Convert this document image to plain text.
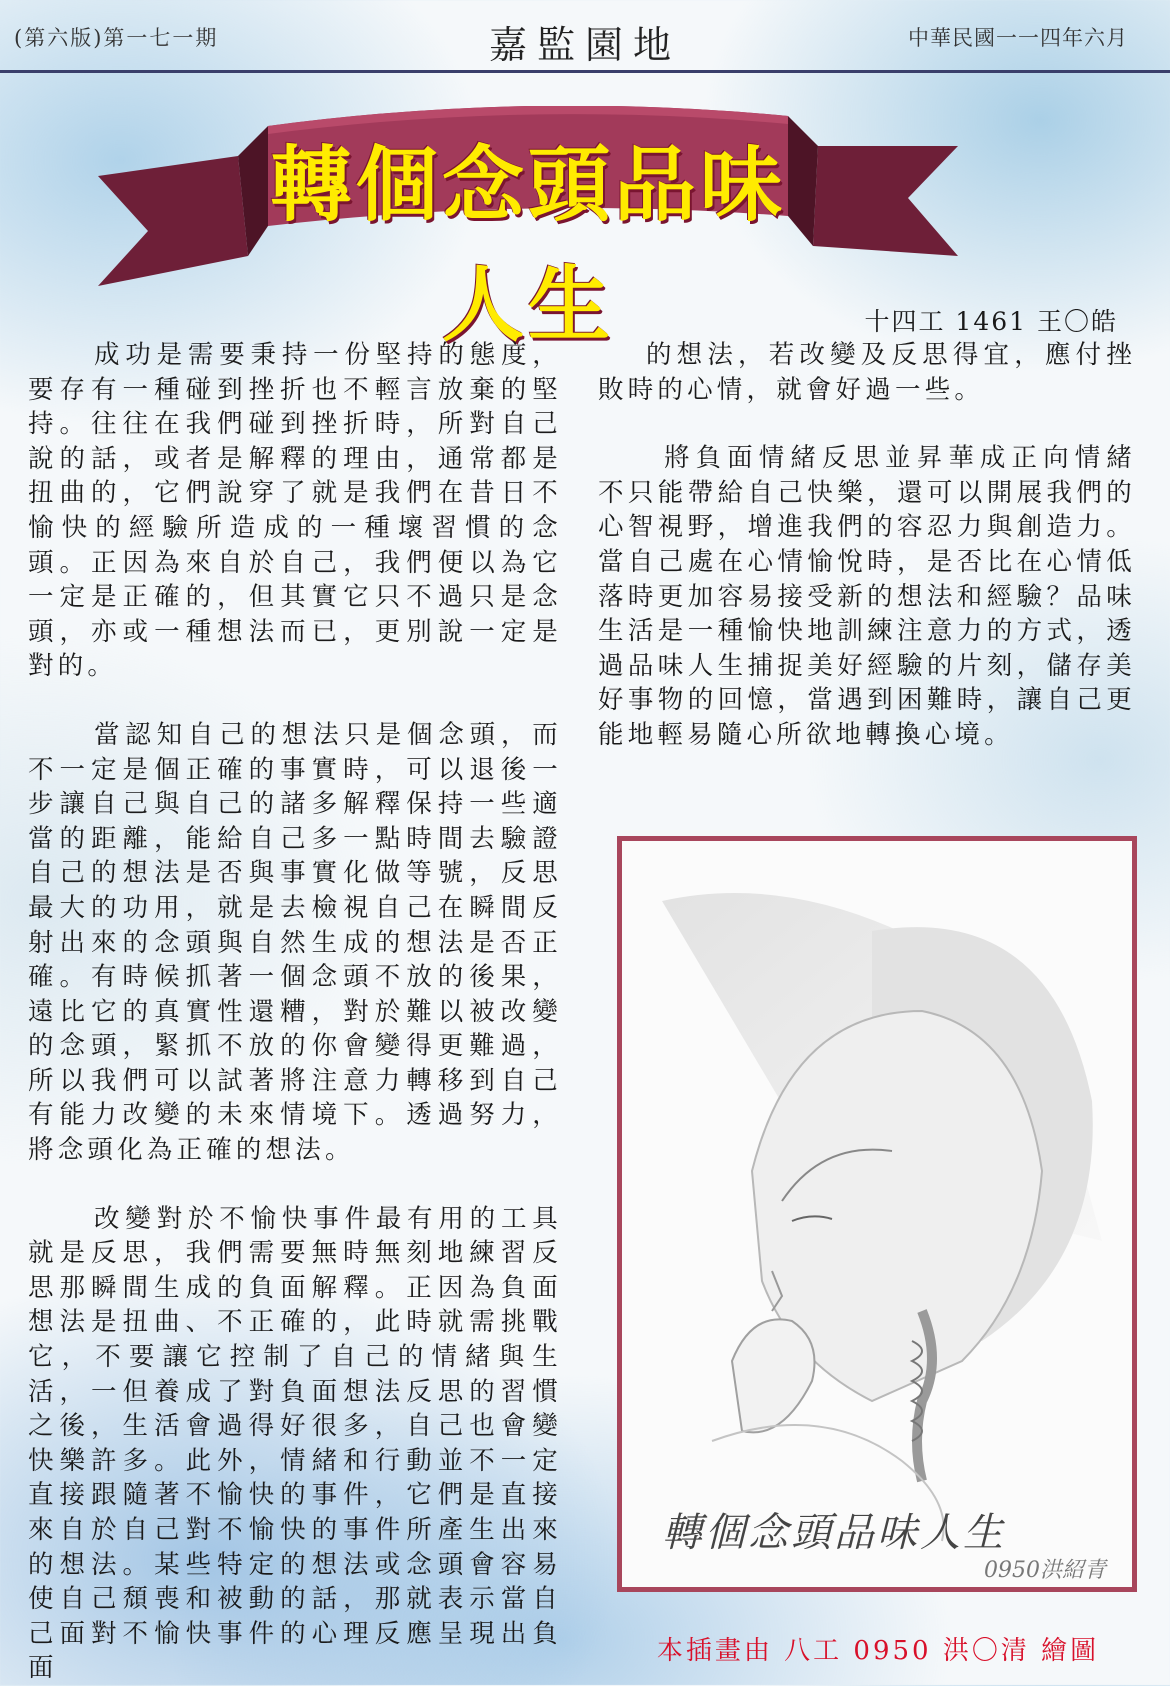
(第六版)第一七一期	嘉監園地	中華民國一一四年六月
轉個念頭品味人生	十四工 1461 王〇皓

成功是需要秉持一份堅持的態度，要存有一種碰到挫折也不輕言放棄的堅持。往往在我們碰到挫折時，所對自己說的話，或者是解釋的理由，通常都是扭曲的，它們說穿了就是我們在昔日不愉快的經驗所造成的一種壞習慣的念頭。正因為來自於自己，我們便以為它一定是正確的，但其實它只不過只是念頭，亦或一種想法而已，更別說一定是對的。

當認知自己的想法只是個念頭，而不一定是個正確的事實時，可以退後一步讓自己與自己的諸多解釋保持一些適當的距離，能給自己多一點時間去驗證自己的想法是否與事實化做等號，反思最大的功用，就是去檢視自己在瞬間反射出來的念頭與自然生成的想法是否正確。有時候抓著一個念頭不放的後果，遠比它的真實性還糟，對於難以被改變的念頭，緊抓不放的你會變得更難過，所以我們可以試著將注意力轉移到自己有能力改變的未來情境下。透過努力，將念頭化為正確的想法。

改變對於不愉快事件最有用的工具就是反思，我們需要無時無刻地練習反思那瞬間生成的負面解釋。正因為負面想法是扭曲、不正確的，此時就需挑戰它，不要讓它控制了自己的情緒與生活，一但養成了對負面想法反思的習慣之後，生活會過得好很多，自己也會變快樂許多。此外，情緒和行動並不一定直接跟隨著不愉快的事件，它們是直接來自於自己對不愉快的事件所產生出來的想法。某些特定的想法或念頭會容易使自己頹喪和被動的話，那就表示當自己面對不愉快事件的心理反應呈現出負面

的想法，若改變及反思得宜，應付挫敗時的心情，就會好過一些。

將負面情緒反思並昇華成正向情緒不只能帶給自己快樂，還可以開展我們的心智視野，增進我們的容忍力與創造力。當自己處在心情愉悅時，是否比在心情低落時更加容易接受新的想法和經驗？品味生活是一種愉快地訓練注意力的方式，透過品味人生捕捉美好經驗的片刻，儲存美好事物的回憶，當遇到困難時，讓自己更能地輕易隨心所欲地轉換心境。

轉個念頭品味人生
0950洪紹青
本插畫由 八工 0950 洪〇清 繪圖
